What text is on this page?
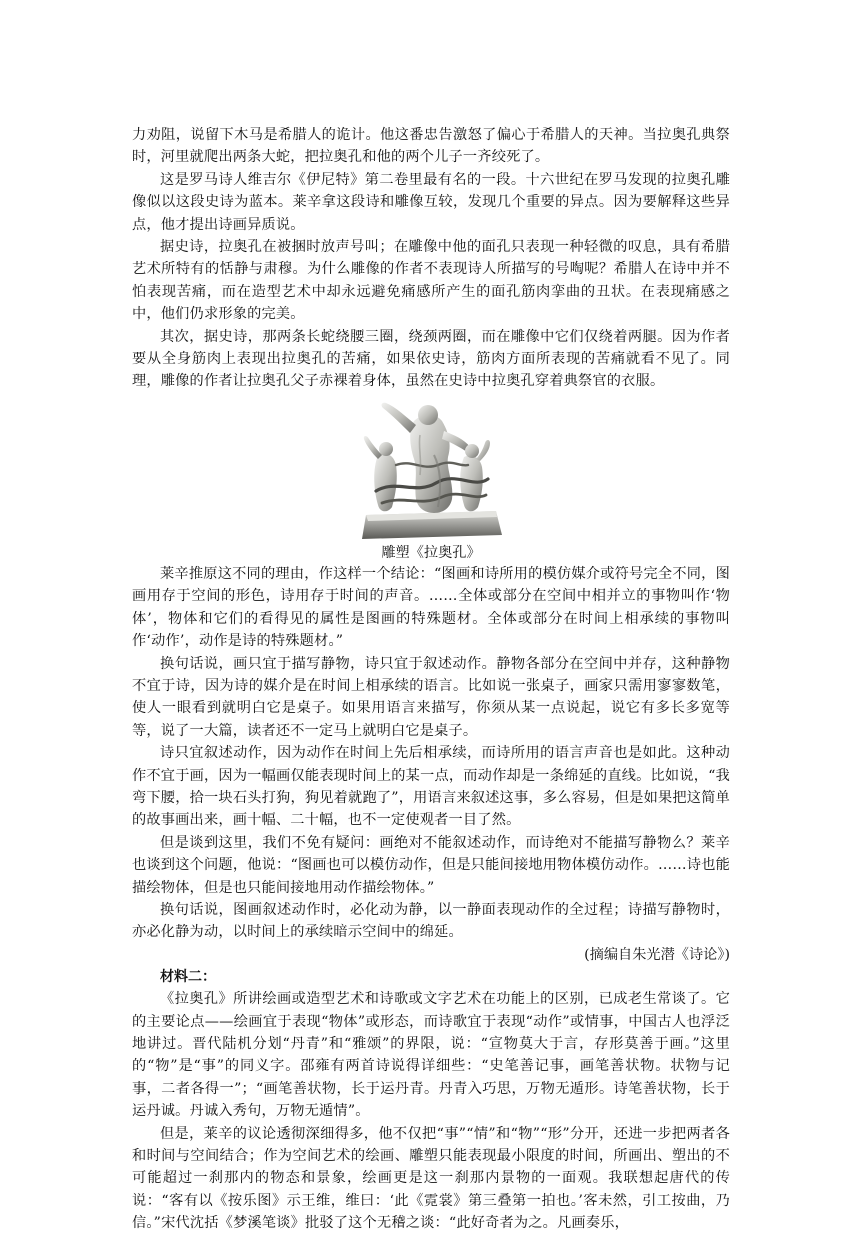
力劝阻，说留下木马是希腊人的诡计。他这番忠告激怒了偏心于希腊人的天神。当拉奥孔典祭时，河里就爬出两条大蛇，把拉奥孔和他的两个儿子一齐绞死了。

这是罗马诗人维吉尔《伊尼特》第二卷里最有名的一段。十六世纪在罗马发现的拉奥孔雕像似以这段史诗为蓝本。莱辛拿这段诗和雕像互较，发现几个重要的异点。因为要解释这些异点，他才提出诗画异质说。

据史诗，拉奥孔在被捆时放声号叫；在雕像中他的面孔只表现一种轻微的叹息，具有希腊艺术所特有的恬静与肃穆。为什么雕像的作者不表现诗人所描写的号啕呢？希腊人在诗中并不怕表现苦痛，而在造型艺术中却永远避免痛感所产生的面孔筋肉挛曲的丑状。在表现痛感之中，他们仍求形象的完美。

其次，据史诗，那两条长蛇绕腰三圈，绕颈两圈，而在雕像中它们仅绕着两腿。因为作者要从全身筋肉上表现出拉奥孔的苦痛，如果依史诗，筋肉方面所表现的苦痛就看不见了。同理，雕像的作者让拉奥孔父子赤裸着身体，虽然在史诗中拉奥孔穿着典祭官的衣服。

雕塑《拉奥孔》

莱辛推原这不同的理由，作这样一个结论：“图画和诗所用的模仿媒介或符号完全不同，图画用存于空间的形色，诗用存于时间的声音。……全体或部分在空间中相并立的事物叫作‘物体’，物体和它们的看得见的属性是图画的特殊题材。全体或部分在时间上相承续的事物叫作‘动作’，动作是诗的特殊题材。”

换句话说，画只宜于描写静物，诗只宜于叙述动作。静物各部分在空间中并存，这种静物不宜于诗，因为诗的媒介是在时间上相承续的语言。比如说一张桌子，画家只需用寥寥数笔，使人一眼看到就明白它是桌子。如果用语言来描写，你须从某一点说起，说它有多长多宽等等，说了一大篇，读者还不一定马上就明白它是桌子。

诗只宜叙述动作，因为动作在时间上先后相承续，而诗所用的语言声音也是如此。这种动作不宜于画，因为一幅画仅能表现时间上的某一点，而动作却是一条绵延的直线。比如说，“我弯下腰，拾一块石头打狗，狗见着就跑了”，用语言来叙述这事，多么容易，但是如果把这简单的故事画出来，画十幅、二十幅，也不一定使观者一目了然。

但是谈到这里，我们不免有疑问：画绝对不能叙述动作，而诗绝对不能描写静物么？莱辛也谈到这个问题，他说：“图画也可以模仿动作，但是只能间接地用物体模仿动作。……诗也能描绘物体，但是也只能间接地用动作描绘物体。”

换句话说，图画叙述动作时，必化动为静，以一静面表现动作的全过程；诗描写静物时，亦必化静为动，以时间上的承续暗示空间中的绵延。

(摘编自朱光潜《诗论》)

材料二：

《拉奥孔》所讲绘画或造型艺术和诗歌或文字艺术在功能上的区别，已成老生常谈了。它的主要论点——绘画宜于表现“物体”或形态，而诗歌宜于表现“动作”或情事，中国古人也浮泛地讲过。晋代陆机分划“丹青”和“雅颂”的界限，说：“宣物莫大于言，存形莫善于画。”这里的“物”是“事”的同义字。邵雍有两首诗说得详细些：“史笔善记事，画笔善状物。状物与记事，二者各得一”；“画笔善状物，长于运丹青。丹青入巧思，万物无遁形。诗笔善状物，长于运丹诚。丹诚入秀句，万物无遁情”。

但是，莱辛的议论透彻深细得多，他不仅把“事”“情”和“物”“形”分开，还进一步把两者各和时间与空间结合；作为空间艺术的绘画、雕塑只能表现最小限度的时间，所画出、塑出的不可能超过一刹那内的物态和景象，绘画更是这一刹那内景物的一面观。我联想起唐代的传说：“客有以《按乐图》示王维，维曰：‘此《霓裳》第三叠第一拍也。’客未然，引工按曲，乃信。”宋代沈括《梦溪笔谈》批驳了这个无稽之谈：“此好奇者为之。凡画奏乐，
